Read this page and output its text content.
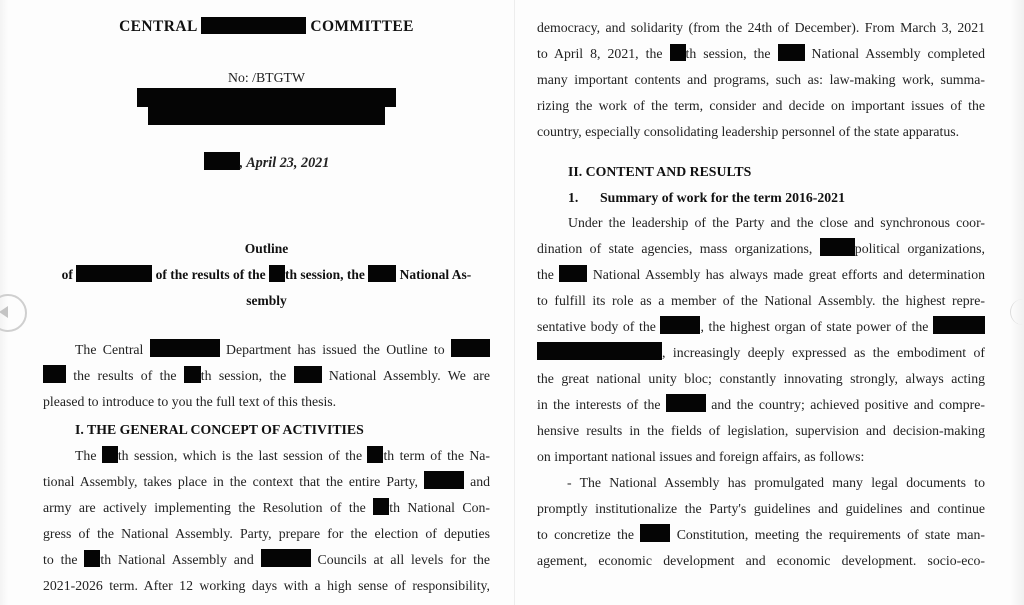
CENTRAL	COMMITTEE
No: /BTGTW
, April 23, 2021
Outline
of	of the results of the th session, the  National As-
sembly
The Central	Department has issued the Outline to
the results of the th session, the  National Assembly. We are
pleased to introduce to you the full text of this thesis.
I. THE GENERAL CONCEPT OF ACTIVITIES
The th session, which is the last session of the th term of the Na-
tional Assembly, takes place in the context that the entire Party,	and
army are actively implementing the Resolution of the th National Con-
gress of the National Assembly. Party, prepare for the election of deputies
to the th National Assembly and	Councils at all levels for the
2021-2026 term. After 12 working days with a high sense of responsibility,
democracy, and solidarity (from the 24th of December). From March 3, 2021
to April 8, 2021, the th session, the  National Assembly completed
many important contents and programs, such as: law-making work, summa-
rizing the work of the term, consider and decide on important issues of the
country, especially consolidating leadership personnel of the state apparatus.
II. CONTENT AND RESULTS
1. Summary of work for the term 2016-2021
Under the leadership of the Party and the close and synchronous coor-
dination of state agencies, mass organizations,	political organizations,
the  National Assembly has always made great efforts and determination
to fulfill its role as a member of the National Assembly. the highest repre-
sentative body of the	, the highest organ of state power of the
, increasingly deeply expressed as the embodiment of
the great national unity bloc; constantly innovating strongly, always acting
in the interests of the	and the country; achieved positive and compre-
hensive results in the fields of legislation, supervision and decision-making
on important national issues and foreign affairs, as follows:
- The National Assembly has promulgated many legal documents to
promptly institutionalize the Party's guidelines and guidelines and continue
to concretize the  Constitution, meeting the requirements of state man-
agement, economic development and economic development. socio-eco-
